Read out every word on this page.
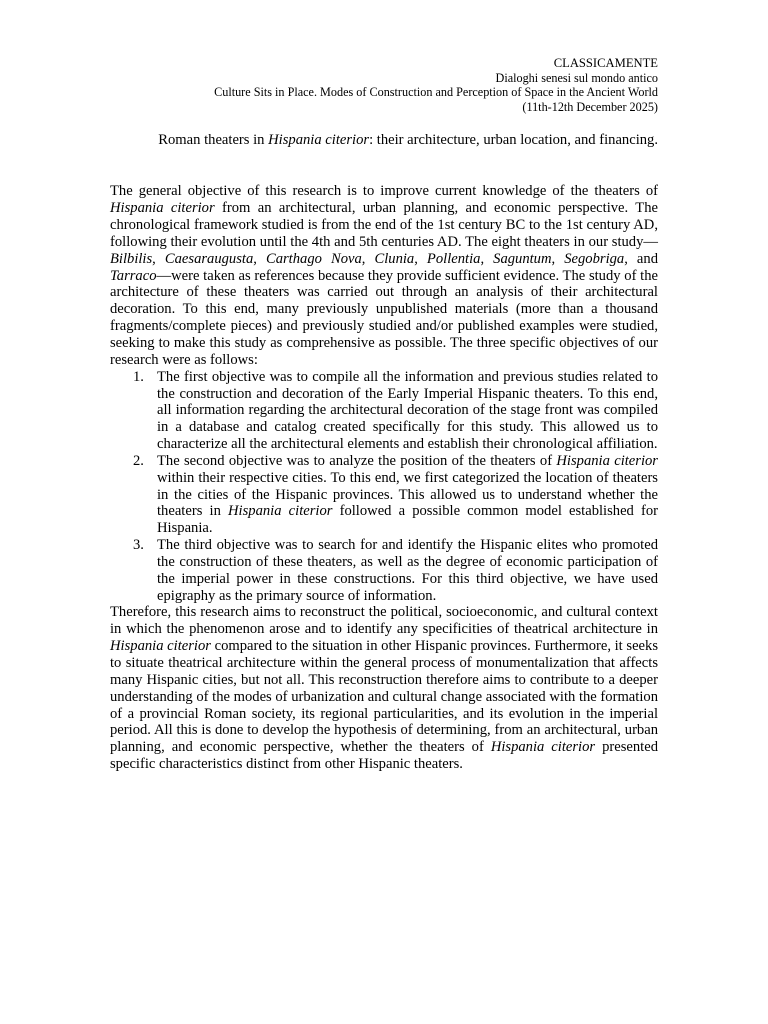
CLASSICAMENTE
Dialoghi senesi sul mondo antico
Culture Sits in Place. Modes of Construction and Perception of Space in the Ancient World
(11th-12th December 2025)
Roman theaters in Hispania citerior: their architecture, urban location, and financing.

The general objective of this research is to improve current knowledge of the theaters of Hispania citerior from an architectural, urban planning, and economic perspective. The chronological framework studied is from the end of the 1st century BC to the 1st century AD, following their evolution until the 4th and 5th centuries AD. The eight theaters in our study—Bilbilis, Caesaraugusta, Carthago Nova, Clunia, Pollentia, Saguntum, Segobriga, and Tarraco—were taken as references because they provide sufficient evidence. The study of the architecture of these theaters was carried out through an analysis of their architectural decoration. To this end, many previously unpublished materials (more than a thousand fragments/complete pieces) and previously studied and/or published examples were studied, seeking to make this study as comprehensive as possible. The three specific objectives of our research were as follows:

1. The first objective was to compile all the information and previous studies related to the construction and decoration of the Early Imperial Hispanic theaters. To this end, all information regarding the architectural decoration of the stage front was compiled in a database and catalog created specifically for this study. This allowed us to characterize all the architectural elements and establish their chronological affiliation.
2. The second objective was to analyze the position of the theaters of Hispania citerior within their respective cities. To this end, we first categorized the location of theaters in the cities of the Hispanic provinces. This allowed us to understand whether the theaters in Hispania citerior followed a possible common model established for Hispania.
3. The third objective was to search for and identify the Hispanic elites who promoted the construction of these theaters, as well as the degree of economic participation of the imperial power in these constructions. For this third objective, we have used epigraphy as the primary source of information.

Therefore, this research aims to reconstruct the political, socioeconomic, and cultural context in which the phenomenon arose and to identify any specificities of theatrical architecture in Hispania citerior compared to the situation in other Hispanic provinces. Furthermore, it seeks to situate theatrical architecture within the general process of monumentalization that affects many Hispanic cities, but not all. This reconstruction therefore aims to contribute to a deeper understanding of the modes of urbanization and cultural change associated with the formation of a provincial Roman society, its regional particularities, and its evolution in the imperial period. All this is done to develop the hypothesis of determining, from an architectural, urban planning, and economic perspective, whether the theaters of Hispania citerior presented specific characteristics distinct from other Hispanic theaters.
